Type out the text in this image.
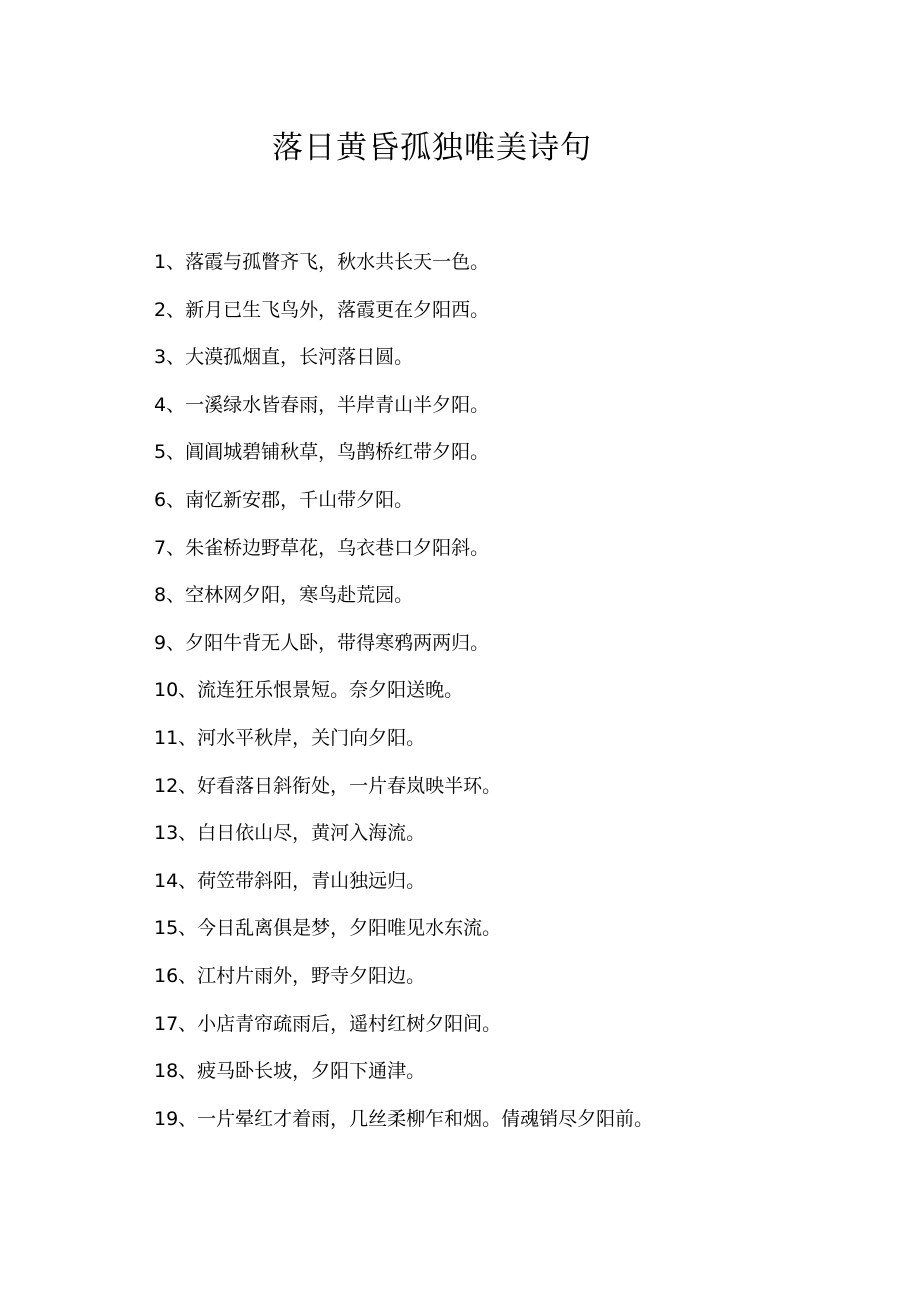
落日黄昏孤独唯美诗句
1、落霞与孤瞥齐飞，秋水共长天一色。
2、新月已生飞鸟外，落霞更在夕阳西。
3、大漠孤烟直，长河落日圆。
4、一溪绿水皆春雨，半岸青山半夕阳。
5、阊阊城碧铺秋草，鸟鹊桥红带夕阳。
6、南忆新安郡，千山带夕阳。
7、朱雀桥边野草花，乌衣巷口夕阳斜。
8、空林网夕阳，寒鸟赴荒园。
9、夕阳牛背无人卧，带得寒鸦两两归。
10、流连狂乐恨景短。奈夕阳送晚。
11、河水平秋岸，关门向夕阳。
12、好看落日斜衔处，一片春岚映半环。
13、白日依山尽，黄河入海流。
14、荷笠带斜阳，青山独远归。
15、今日乱离俱是梦，夕阳唯见水东流。
16、江村片雨外，野寺夕阳边。
17、小店青帘疏雨后，遥村红树夕阳间。
18、疲马卧长坡，夕阳下通津。
19、一片晕红才着雨，几丝柔柳乍和烟。倩魂销尽夕阳前。
